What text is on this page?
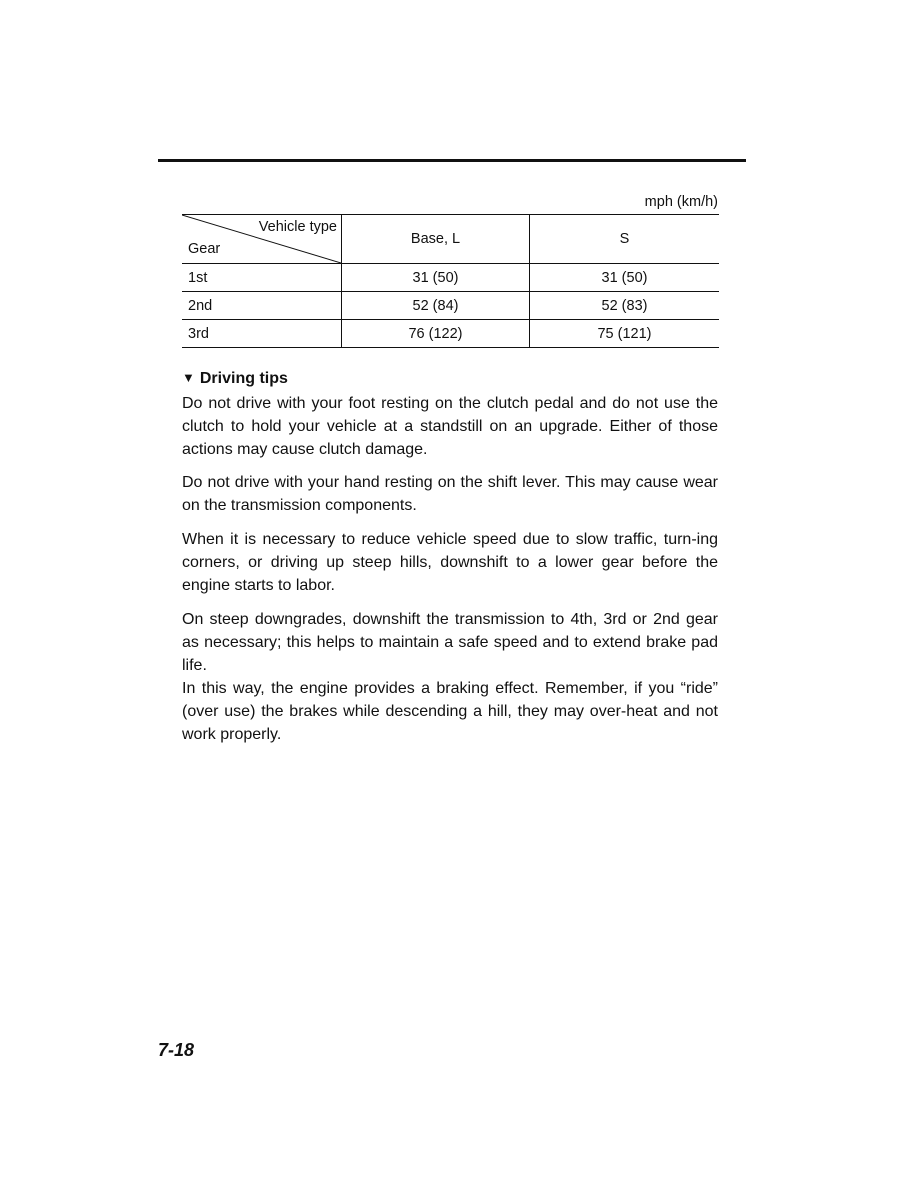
mph (km/h)
Vehicle type
Gear	Base, L	S
1st	31 (50)	31 (50)
2nd	52 (84)	52 (83)
3rd	76 (122)	75 (121)
▼ Driving tips

Do not drive with your foot resting on the clutch pedal and do not use the clutch to hold your vehicle at a standstill on an upgrade. Either of those actions may cause clutch damage.

Do not drive with your hand resting on the shift lever. This may cause wear on the transmission components.

When it is necessary to reduce vehicle speed due to slow traffic, turn-ing corners, or driving up steep hills, downshift to a lower gear before the engine starts to labor.

On steep downgrades, downshift the transmission to 4th, 3rd or 2nd gear as necessary; this helps to maintain a safe speed and to extend brake pad life.

In this way, the engine provides a braking effect. Remember, if you “ride” (over use) the brakes while descending a hill, they may over-heat and not work properly.

7-18
